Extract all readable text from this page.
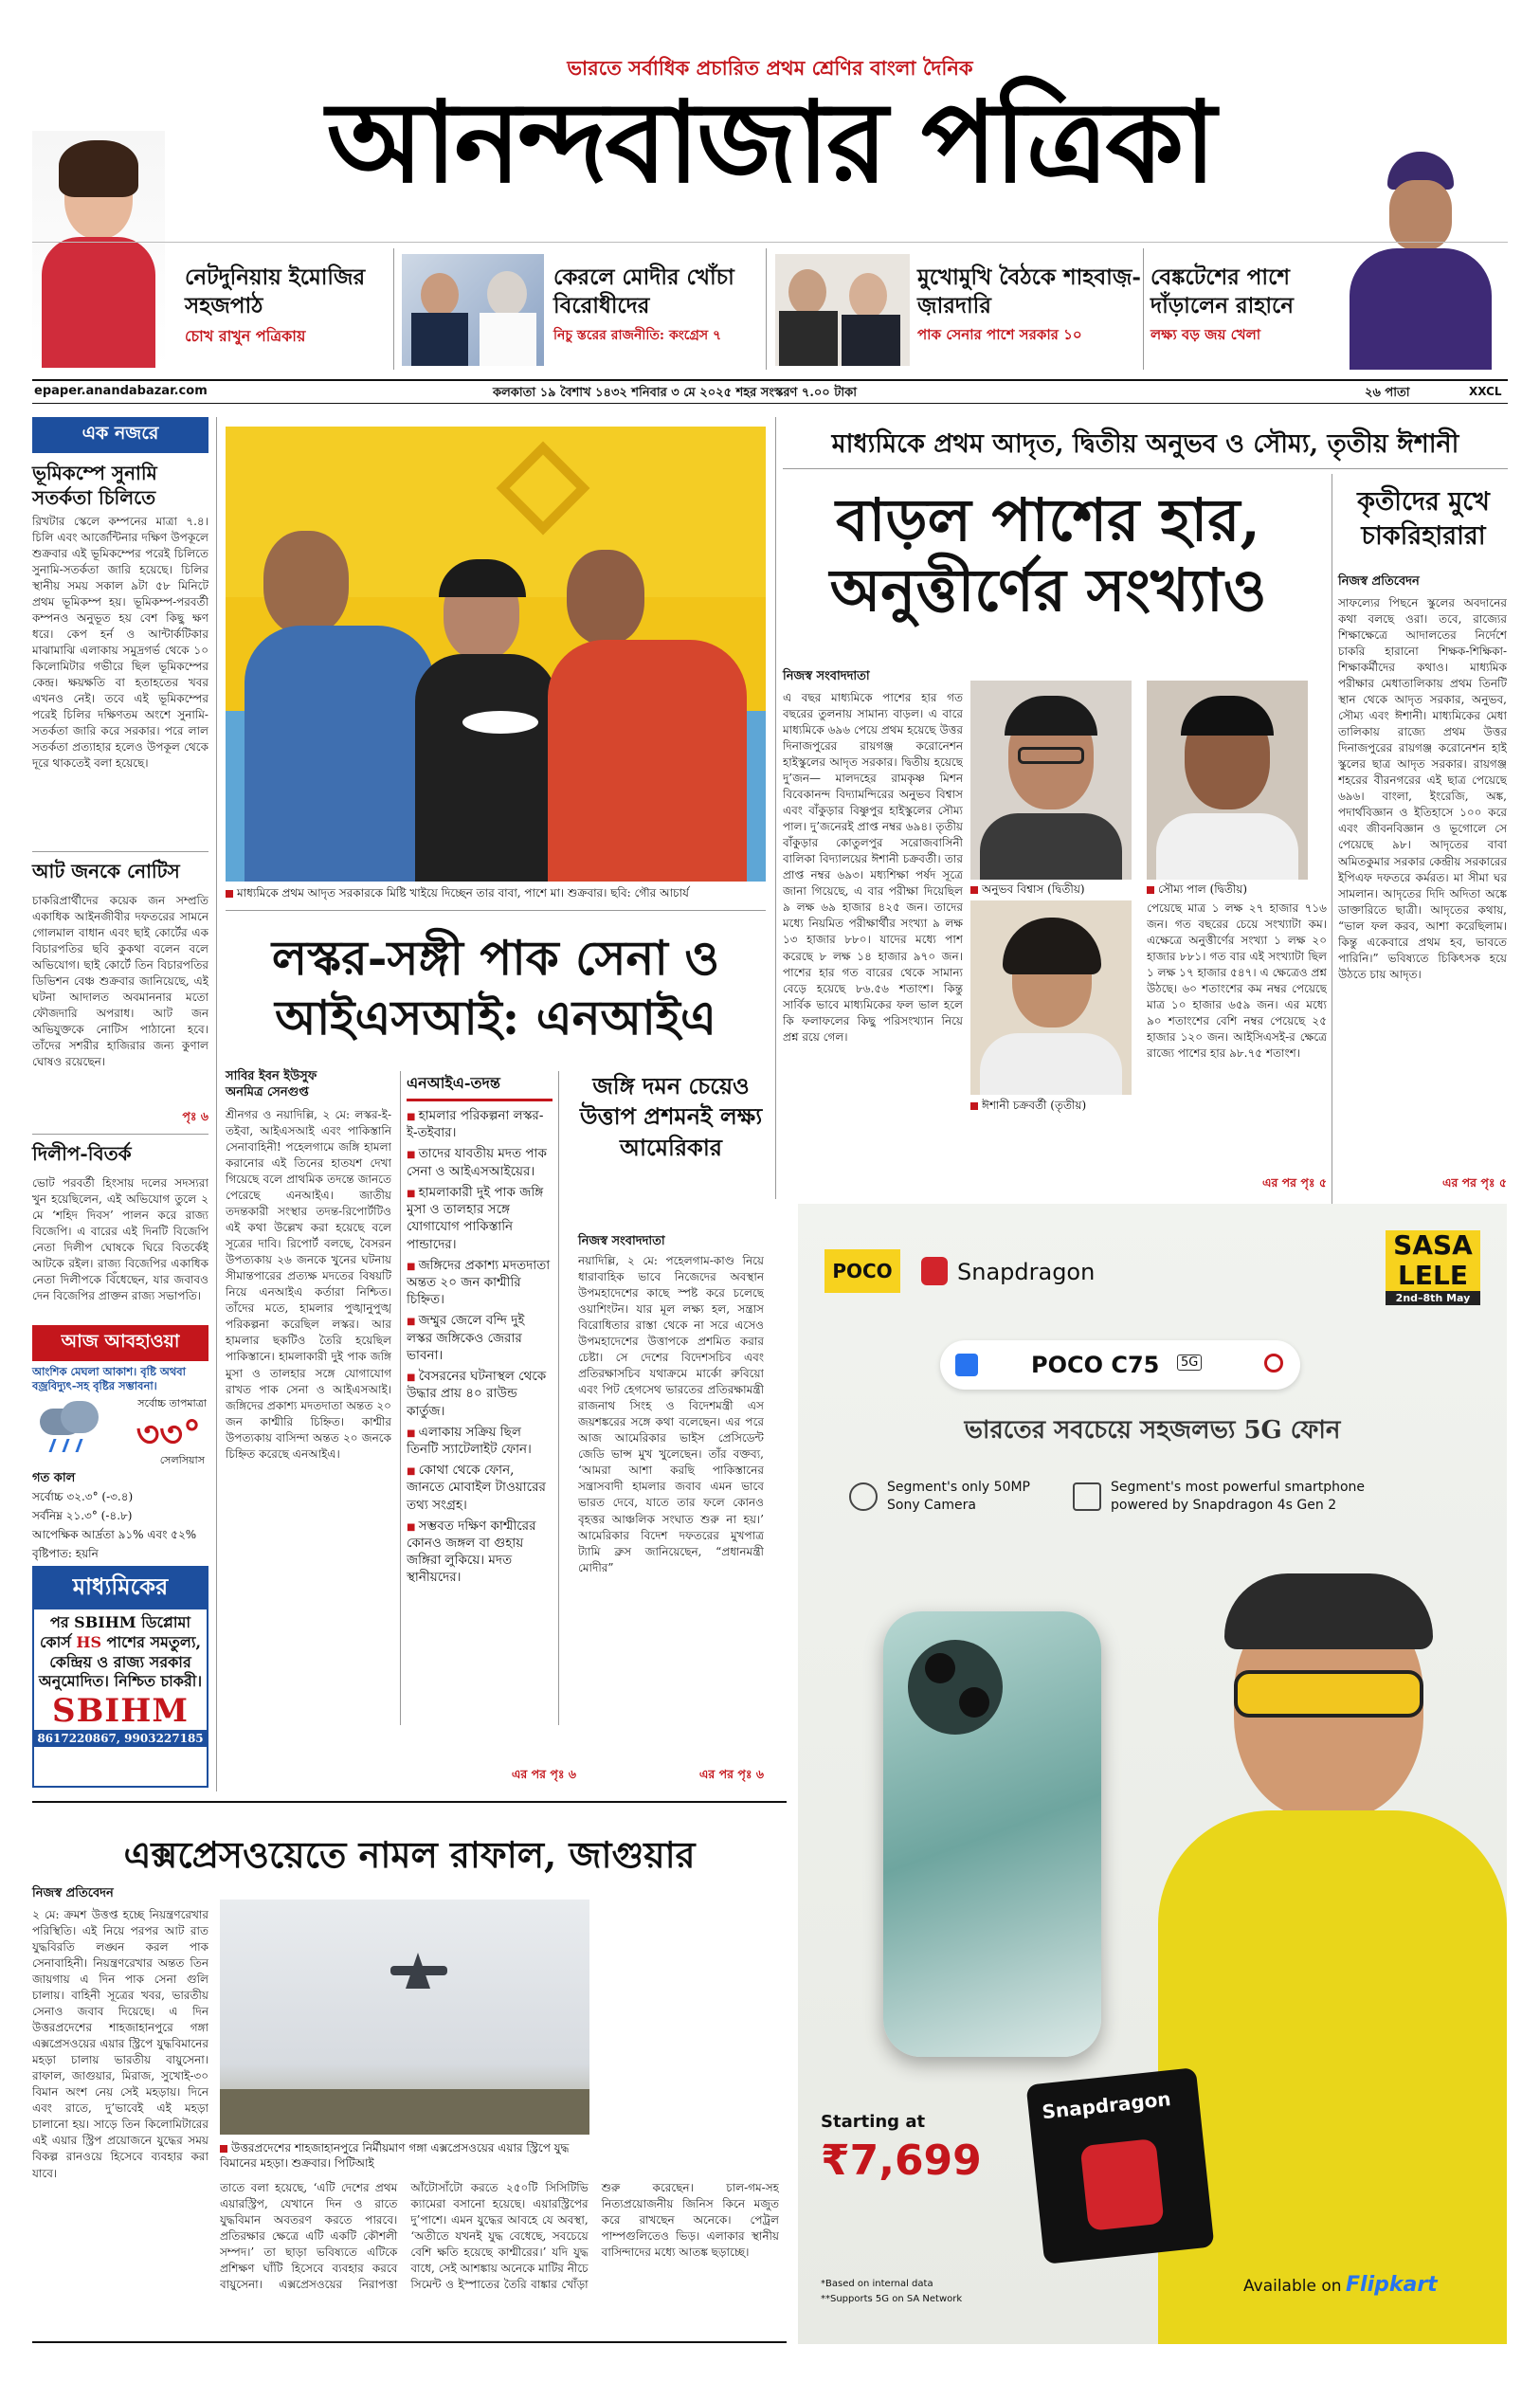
ভারতে সর্বাধিক প্রচারিত প্রথম শ্রেণির বাংলা দৈনিক
আনন্দবাজার পত্রিকা
নেটদুনিয়ায় ইমোজির সহজপাঠ
চোখ রাখুন পত্রিকায়
কেরলে মোদীর খোঁচা বিরোধীদের
নিচু স্তরের রাজনীতি: কংগ্রেস ৭
মুখোমুখি বৈঠকে শাহবাজ়-জ়ারদারি
পাক সেনার পাশে সরকার ১০
বেঙ্কটেশের পাশে দাঁড়ালেন রাহানে
লক্ষ্য বড় জয় খেলা
epaper.anandabazar.com	কলকাতা ১৯ বৈশাখ ১৪৩২ শনিবার ৩ মে ২০২৫ শহর সংস্করণ ৭.০০ টাকা	২৬ পাতা	XXCL
এক নজরে
ভূমিকম্পে সুনামি সতর্কতা চিলিতে
রিখটার স্কেলে কম্পনের মাত্রা ৭.৪। চিলি এবং আর্জেন্টিনার দক্ষিণ উপকূলে শুক্রবার এই ভূমিকম্পের পরেই চিলিতে সুনামি-সতর্কতা জারি হয়েছে। চিলির স্থানীয় সময় সকাল ৯টা ৫৮ মিনিটে প্রথম ভূমিকম্প হয়। ভূমিকম্প-পরবর্তী কম্পনও অনুভূত হয় বেশ কিছু ক্ষণ ধরে। কেপ হর্ন ও আন্টার্কটিকার মাঝামাঝি এলাকায় সমুদ্রগর্ভ থেকে ১০ কিলোমিটার গভীরে ছিল ভূমিকম্পের কেন্দ্র। ক্ষয়ক্ষতি বা হতাহতের খবর এখনও নেই। তবে এই ভূমিকম্পের পরেই চিলির দক্ষিণতম অংশে সুনামি-সতর্কতা জারি করে সরকার। পরে লাল সতর্কতা প্রত্যাহার হলেও উপকূল থেকে দূরে থাকতেই বলা হয়েছে।
আট জনকে নোটিস
চাকরিপ্রার্থীদের কয়েক জন সম্প্রতি একাধিক আইনজীবীর দফতরের সামনে গোলমাল বাধান এবং ছাই কোর্টের এক বিচারপতির ছবি কুকথা বলেন বলে অভিযোগ। ছাই কোর্টে তিন বিচারপতির ডিভিশন বেঞ্চ শুক্রবার জানিয়েছে, এই ঘটনা আদালত অবমাননার মতো ফৌজদারি অপরাধ। আট জন অভিযুক্তকে নোটিস পাঠানো হবে। তাঁদের সশরীর হাজিরার জন্য কুণাল ঘোষও রয়েছেন।
পৃঃ ৬
দিলীপ-বিতর্ক
ভোট পরবর্তী হিংসায় দলের সদস্যরা খুন হয়েছিলেন, এই অভিযোগ তুলে ২ মে ‘শহিদ দিবস’ পালন করে রাজ্য বিজেপি। এ বারের এই দিনটি বিজেপি নেতা দিলীপ ঘোষকে ঘিরে বিতর্কেই আটকে রইল। রাজ্য বিজেপির একাধিক নেতা দিলীপকে বিঁধেছেন, যার জবাবও দেন বিজেপির প্রাক্তন রাজ্য সভাপতি।
আজ আবহাওয়া
আংশিক মেঘলা আকাশ। বৃষ্টি অথবা বজ্রবিদ্যুৎ-সহ বৃষ্টির সম্ভাবনা।
সর্বোচ্চ তাপমাত্রা
৩৩°
সেলসিয়াস
গত কাল
সর্বোচ্চ ৩২.৩° (-৩.৪)
সর্বনিম্ন ২১.৩° (-৪.৮)
আপেক্ষিক আর্দ্রতা ৯১% এবং ৫২%
বৃষ্টিপাত: হয়নি
মাধ্যমিকের
পর SBIHM ডিপ্লোমা কোর্স HS পাশের সমতুল্য, কেন্দ্রিয় ও রাজ্য সরকার অনুমোদিত। নিশ্চিত চাকরী।
SBIHM
8617220867, 9903227185
মাধ্যমিকে প্রথম আদৃত সরকারকে মিষ্টি খাইয়ে দিচ্ছেন তার বাবা, পাশে মা। শুক্রবার। ছবি: গৌর আচার্য
লস্কর-সঙ্গী পাক সেনা ও
আইএসআই: এনআইএ
সাবির ইবন ইউসুফ
অনমিত্র সেনগুপ্ত
শ্রীনগর ও নয়াদিল্লি, ২ মে: লস্কর-ই-তইবা, আইএসআই এবং পাকিস্তানি সেনাবাহিনী! পহেলগামে জঙ্গি হামলা করানোর এই তিনের হাতযশ দেখা গিয়েছে বলে প্রাথমিক তদন্তে জানতে পেরেছে এনআইএ। জাতীয় তদন্তকারী সংস্থার তদন্ত-রিপোর্টটিও এই কথা উল্লেখ করা হয়েছে বলে সূত্রের দাবি। রিপোর্ট বলছে, বৈসরন উপত্যকায় ২৬ জনকে খুনের ঘটনায় সীমান্তপারের প্রত্যক্ষ মদতের বিষয়টি নিয়ে এনআইএ কর্তারা নিশ্চিত। তাঁদের মতে, হামলার পুঙ্খানুপুঙ্খ পরিকল্পনা করেছিল লস্কর। আর হামলার ছকটিও তৈরি হয়েছিল পাকিস্তানে। হামলাকারী দুই পাক জঙ্গি মুসা ও তালহার সঙ্গে যোগাযোগ রাখত পাক সেনা ও আইএসআই। জঙ্গিদের প্রকাশ্য মদতদাতা অন্তত ২০ জন কাশ্মীরি চিহ্নিত। কাশ্মীর উপত্যকায় বাসিন্দা অন্তত ২০ জনকে চিহ্নিত করেছে এনআইএ।
এর পর পৃঃ ৬
এনআইএ-তদন্ত
■ হামলার পরিকল্পনা লস্কর-ই-তইবার।
■ তাদের যাবতীয় মদত পাক সেনা ও আইএসআইয়ের।
■ হামলাকারী দুই পাক জঙ্গি মুসা ও তালহার সঙ্গে যোগাযোগ পাকিস্তানি পান্ডাদের।
■ জঙ্গিদের প্রকাশ্য মদতদাতা অন্তত ২০ জন কাশ্মীরি চিহ্নিত।
■ জম্মুর জেলে বন্দি দুই লস্কর জঙ্গিকেও জেরার ভাবনা।
■ বৈসরনের ঘটনাস্থল থেকে উদ্ধার প্রায় ৪০ রাউন্ড কার্তুজ।
■ এলাকায় সক্রিয় ছিল তিনটি স্যাটেলাইট ফোন।
■ কোথা থেকে ফোন, জানতে মোবাইল টাওয়ারের তথ্য সংগ্রহ।
■ সম্ভবত দক্ষিণ কাশ্মীরের কোনও জঙ্গল বা গুহায় জঙ্গিরা লুকিয়ে। মদত স্থানীয়দের।
জঙ্গি দমন চেয়েও উত্তাপ প্রশমনই লক্ষ্য আমেরিকার
নিজস্ব সংবাদদাতা
নয়াদিল্লি, ২ মে: পহেলগাম-কাণ্ড নিয়ে ধারাবাহিক ভাবে নিজেদের অবস্থান উপমহাদেশের কাছে স্পষ্ট করে চলেছে ওয়াশিংটন। যার মূল লক্ষ্য হল, সন্ত্রাস বিরোধিতার রাস্তা থেকে না সরে এসেও উপমহাদেশের উত্তাপকে প্রশমিত করার চেষ্টা। সে দেশের বিদেশসচিব এবং প্রতিরক্ষাসচিব যথাক্রমে মার্কো রুবিয়ো এবং পিট হেগসেথ ভারতের প্রতিরক্ষামন্ত্রী রাজনাথ সিংহ ও বিদেশমন্ত্রী এস জয়শঙ্করের সঙ্গে কথা বলেছেন। এর পরে আজ আমেরিকার ভাইস প্রেসিডেন্ট জেডি ভান্স মুখ খুলেছেন। তাঁর বক্তব্য, ‘আমরা আশা করছি পাকিস্তানের সন্ত্রাসবাদী হামলার জবাব এমন ভাবে ভারত দেবে, যাতে তার ফলে কোনও বৃহত্তর আঞ্চলিক সংঘাত শুরু না হয়।’ আমেরিকার বিদেশ দফতরের মুখপাত্র ট্যামি ব্রুস জানিয়েছেন, “প্রধানমন্ত্রী মোদীর”
এর পর পৃঃ ৬
মাধ্যমিকে প্রথম আদৃত, দ্বিতীয় অনুভব ও সৌম্য, তৃতীয় ঈশানী
বাড়ল পাশের হার,
অনুত্তীর্ণের সংখ্যাও
নিজস্ব সংবাদদাতা
এ বছর মাধ্যমিকে পাশের হার গত বছরের তুলনায় সামান্য বাড়ল। এ বারে মাধ্যমিকে ৬৯৬ পেয়ে প্রথম হয়েছে উত্তর দিনাজপুরের রায়গঞ্জ করোনেশন হাইস্কুলের আদৃত সরকার। দ্বিতীয় হয়েছে দু’জন— মালদহের রামকৃষ্ণ মিশন বিবেকানন্দ বিদ্যামন্দিরের অনুভব বিশ্বাস এবং বাঁকুড়ার বিষ্ণুপুর হাইস্কুলের সৌম্য পাল। দু’জনেরই প্রাপ্ত নম্বর ৬৯৪। তৃতীয় বাঁকুড়ার কোতুলপুর সরোজবাসিনী বালিকা বিদ্যালয়ের ঈশানী চক্রবর্তী। তার প্রাপ্ত নম্বর ৬৯৩। মধ্যশিক্ষা পর্ষদ সূত্রে জানা গিয়েছে, এ বার পরীক্ষা দিয়েছিল ৯ লক্ষ ৬৯ হাজার ৪২৫ জন। তাদের মধ্যে নিয়মিত পরীক্ষার্থীর সংখ্যা ৯ লক্ষ ১৩ হাজার ৮৮০। যাদের মধ্যে পাশ করেছে ৮ লক্ষ ১৪ হাজার ৯৭০ জন। পাশের হার গত বারের থেকে সামান্য বেড়ে হয়েছে ৮৬.৫৬ শতাংশ। কিন্তু সার্বিক ভাবে মাধ্যমিকের ফল ভাল হলে কি ফলাফলের কিছু পরিসংখ্যান নিয়ে প্রশ্ন রয়ে গেল।
অনুভব বিশ্বাস (দ্বিতীয়)	সৌম্য পাল (দ্বিতীয়)
ঈশানী চক্রবর্তী (তৃতীয়)
পেয়েছে মাত্র ১ লক্ষ ২৭ হাজার ৭১৬ জন। গত বছরের চেয়ে সংখ্যাটা কম। এক্ষেত্রে অনুত্তীর্ণের সংখ্যা ১ লক্ষ ২০ হাজার ৮৮১। গত বার এই সংখ্যাটা ছিল ১ লক্ষ ১৭ হাজার ৫৪৭। এ ক্ষেত্রেও প্রশ্ন উঠছে। ৬০ শতাংশের কম নম্বর পেয়েছে মাত্র ১০ হাজার ৬৫৯ জন। এর মধ্যে ৯০ শতাংশের বেশি নম্বর পেয়েছে ২৫ হাজার ১২০ জন। আইসিএসই-র ক্ষেত্রে রাজ্যে পাশের হার ৯৮.৭৫ শতাংশ।
এর পর পৃঃ ৫
কৃতীদের মুখে চাকরিহারারা
নিজস্ব প্রতিবেদন
সাফল্যের পিছনে স্কুলের অবদানের কথা বলছে ওরা। তবে, রাজ্যের শিক্ষাক্ষেত্রে আদালতের নির্দেশে চাকরি হারানো শিক্ষক-শিক্ষিকা-শিক্ষাকর্মীদের কথাও। মাধ্যমিক পরীক্ষার মেধাতালিকায় প্রথম তিনটি স্থান থেকে আদৃত সরকার, অনুভব, সৌম্য এবং ঈশানী। মাধ্যমিকের মেধা তালিকায় রাজ্যে প্রথম উত্তর দিনাজপুরের রায়গঞ্জ করোনেশন হাই স্কুলের ছাত্র আদৃত সরকার। রায়গঞ্জ শহরের বীরনগরের এই ছাত্র পেয়েছে ৬৯৬। বাংলা, ইংরেজি, অঙ্ক, পদার্থবিজ্ঞান ও ইতিহাসে ১০০ করে এবং জীবনবিজ্ঞান ও ভূগোলে সে পেয়েছে ৯৮। আদৃতের বাবা অমিতকুমার সরকার কেন্দ্রীয় সরকারের ইপিএফ দফতরে কর্মরত। মা সীমা ঘর সামলান। আদৃতের দিদি অদিতা অঙ্কে ডাক্তারিতে ছাত্রী। আদৃতের কথায়, “ভাল ফল করব, আশা করেছিলাম। কিন্তু একেবারে প্রথম হব, ভাবতে পারিনি।” ভবিষ্যতে চিকিৎসক হয়ে উঠতে চায় আদৃত।
এর পর পৃঃ ৫
POCO	Snapdragon
SASA
LELE
2nd–8th May
POCO C75	5G
ভারতের সবচেয়ে সহজলভ্য 5G ফোন
Segment's only 50MP Sony Camera
Segment's most powerful smartphone powered by Snapdragon 4s Gen 2
Starting at
₹7,699
Snapdragon
*Based on internal data
**Supports 5G on SA Network
Available on Flipkart
এক্সপ্রেসওয়েতে নামল রাফাল, জাগুয়ার
নিজস্ব প্রতিবেদন
২ মে: ক্রমশ উত্তপ্ত হচ্ছে নিয়ন্ত্রণরেখার পরিস্থিতি। এই নিয়ে পরপর আট রাত যুদ্ধবিরতি লঙ্ঘন করল পাক সেনাবাহিনী। নিয়ন্ত্রণরেখার অন্তত তিন জায়গায় এ দিন পাক সেনা গুলি চালায়। বাহিনী সূত্রের খবর, ভারতীয় সেনাও জবাব দিয়েছে। এ দিন উত্তরপ্রদেশের শাহজাহানপুরে গঙ্গা এক্সপ্রেসওয়ের এয়ার স্ট্রিপে যুদ্ধবিমানের মহড়া চালায় ভারতীয় বায়ুসেনা। রাফাল, জাগুয়ার, মিরাজ, সুখোই-৩০ বিমান অংশ নেয় সেই মহড়ায়। দিনে এবং রাতে, দু’ভাবেই এই মহড়া চালানো হয়। সাড়ে তিন কিলোমিটারের এই এয়ার স্ট্রিপ প্রয়োজনে যুদ্ধের সময় বিকল্প রানওয়ে হিসেবে ব্যবহার করা যাবে।
উত্তরপ্রদেশের শাহজাহানপুরে নির্মীয়মাণ গঙ্গা এক্সপ্রেসওয়ের এয়ার স্ট্রিপে যুদ্ধ বিমানের মহড়া। শুক্রবার। পিটিআই
তাতে বলা হয়েছে, ‘এটি দেশের প্রথম এয়ারস্ট্রিপ, যেখানে দিন ও রাতে যুদ্ধবিমান অবতরণ করতে পারবে। প্রতিরক্ষার ক্ষেত্রে এটি একটি কৌশলী সম্পদ।’ তা ছাড়া ভবিষ্যতে এটিকে প্রশিক্ষণ ঘাঁটি হিসেবে ব্যবহার করবে বায়ুসেনা। এক্সপ্রেসওয়ের নিরাপত্তা আঁটোসাঁটো করতে ২৫০টি সিসিটিভি ক্যামেরা বসানো হয়েছে। এয়ারস্ট্রিপের দু’পাশে। এমন যুদ্ধের আবহে যে অবস্থা, ‘অতীতে যখনই যুদ্ধ বেধেছে, সবচেয়ে বেশি ক্ষতি হয়েছে কাশ্মীরের।’ যদি যুদ্ধ বাধে, সেই আশঙ্কায় অনেকে মাটির নীচে সিমেন্ট ও ইস্পাতের তৈরি বাঙ্কার খোঁড়া শুরু করেছেন। চাল-গম-সহ নিত্যপ্রয়োজনীয় জিনিস কিনে মজুত করে রাখছেন অনেকে। পেট্রল পাম্পগুলিতেও ভিড়। এলাকার স্থানীয় বাসিন্দাদের মধ্যে আতঙ্ক ছড়াচ্ছে।
